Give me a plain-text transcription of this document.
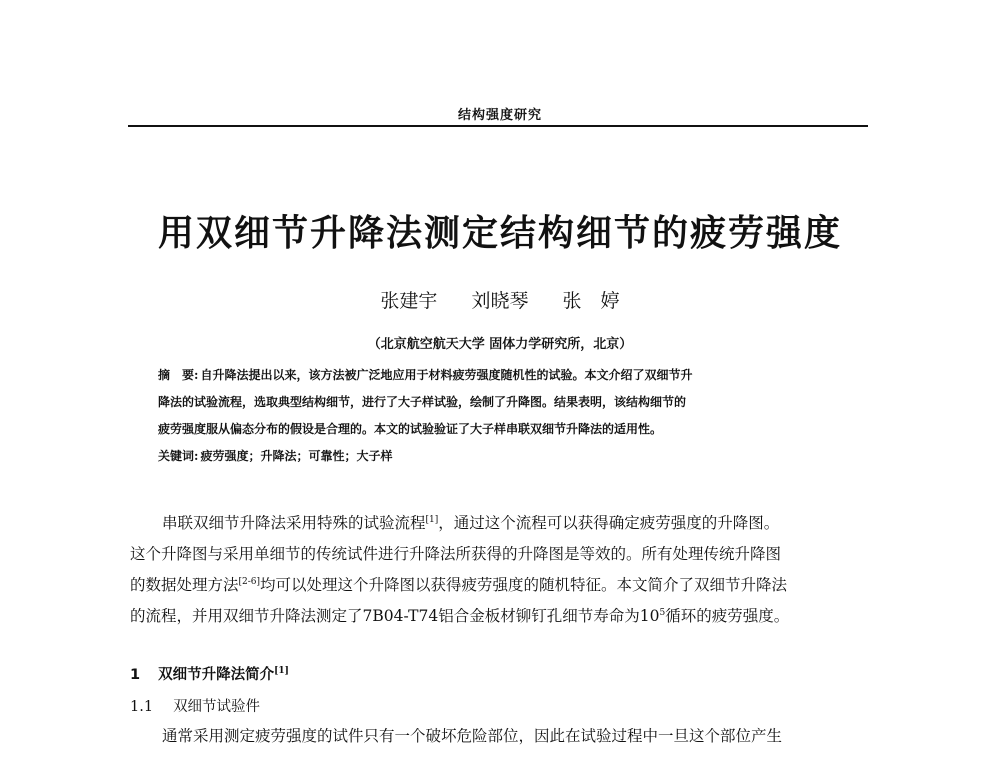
结构强度研究
用双细节升降法测定结构细节的疲劳强度
张建宇 刘晓琴 张　婷
（北京航空航天大学 固体力学研究所，北京）
摘　要: 自升降法提出以来，该方法被广泛地应用于材料疲劳强度随机性的试验。本文介绍了双细节升
降法的试验流程，选取典型结构细节，进行了大子样试验，绘制了升降图。结果表明，该结构细节的
疲劳强度服从偏态分布的假设是合理的。本文的试验验证了大子样串联双细节升降法的适用性。
关键词: 疲劳强度；升降法；可靠性；大子样
串联双细节升降法采用特殊的试验流程[1]，通过这个流程可以获得确定疲劳强度的升降图。
这个升降图与采用单细节的传统试件进行升降法所获得的升降图是等效的。所有处理传统升降图
的数据处理方法[2-6]均可以处理这个升降图以获得疲劳强度的随机特征。本文简介了双细节升降法
的流程，并用双细节升降法测定了7B04-T74铝合金板材铆钉孔细节寿命为$10^5$循环的疲劳强度。
1 双细节升降法简介[1]
1.1 双细节试验件
通常采用测定疲劳强度的试件只有一个破坏危险部位，因此在试验过程中一旦这个部位产生
